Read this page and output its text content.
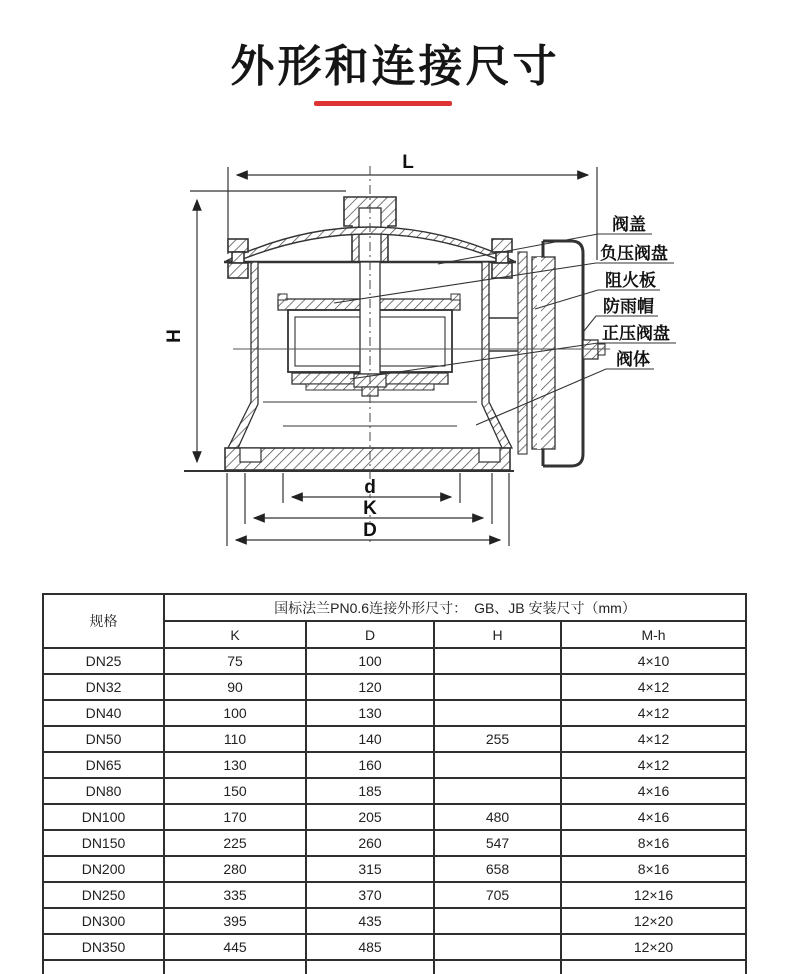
外形和连接尺寸
L
H
阀盖
负压阀盘
阻火板
防雨帽
正压阀盘
阀体
d
K
D
规格	国标法兰PN0.6连接外形尺寸：　GB、JB 安装尺寸（mm）			
	K	D	H	M-h
DN25	75	100		4×10
DN32	90	120		4×12
DN40	100	130		4×12
DN50	110	140	255	4×12
DN65	130	160		4×12
DN80	150	185		4×16
DN100	170	205	480	4×16
DN150	225	260	547	8×16
DN200	280	315	658	8×16
DN250	335	370	705	12×16
DN300	395	435		12×20
DN350	445	485		12×20
